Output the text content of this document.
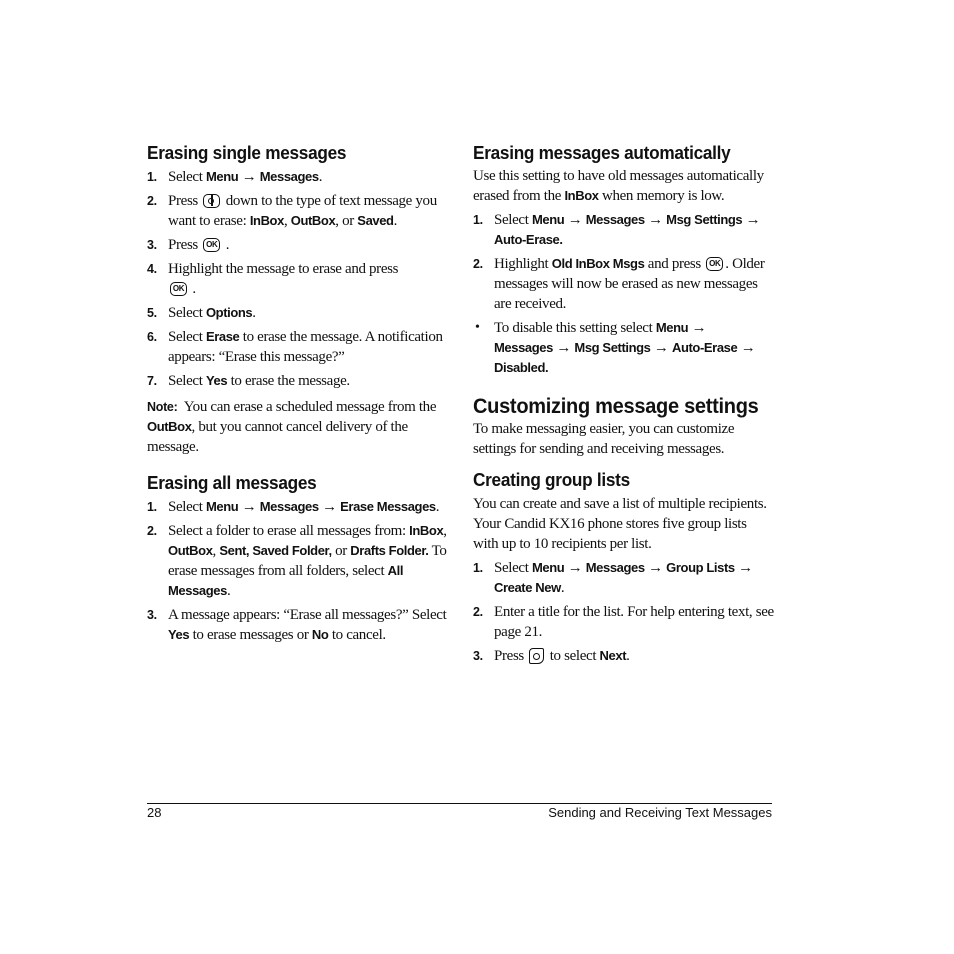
Erasing single messages
1. Select Menu → Messages.
2. Press  down to the type of text message you want to erase: InBox, OutBox, or Saved.
3. Press OK .
4. Highlight the message to erase and press

OK .
5. Select Options.
6. Select Erase to erase the message. A notification appears: “Erase this message?”
7. Select Yes to erase the message.

Note: You can erase a scheduled message from the OutBox, but you cannot cancel delivery of the message.

Erasing all messages
1. Select Menu → Messages → Erase Messages.
2. Select a folder to erase all messages from: InBox, OutBox, Sent, Saved Folder, or Drafts Folder. To erase messages from all folders, select All Messages.
3. A message appears: “Erase all messages?” Select Yes to erase messages or No to cancel.
Erasing messages automatically

Use this setting to have old messages automatically erased from the InBox when memory is low.

1. Select Menu → Messages → Msg Settings →
Auto-Erase.
2. Highlight Old InBox Msgs and press OK . Older messages will now be erased as new messages are received.
• To disable this setting select Menu →
Messages → Msg Settings → Auto-Erase →
Disabled.
Customizing message settings

To make messaging easier, you can customize settings for sending and receiving messages.

Creating group lists

You can create and save a list of multiple recipients. Your Candid KX16 phone stores five group lists with up to 10 recipients per list.

1. Select Menu → Messages → Group Lists →
Create New.
2. Enter a title for the list. For help entering text, see page 21.
3. Press  to select Next.
28	Sending and Receiving Text Messages
